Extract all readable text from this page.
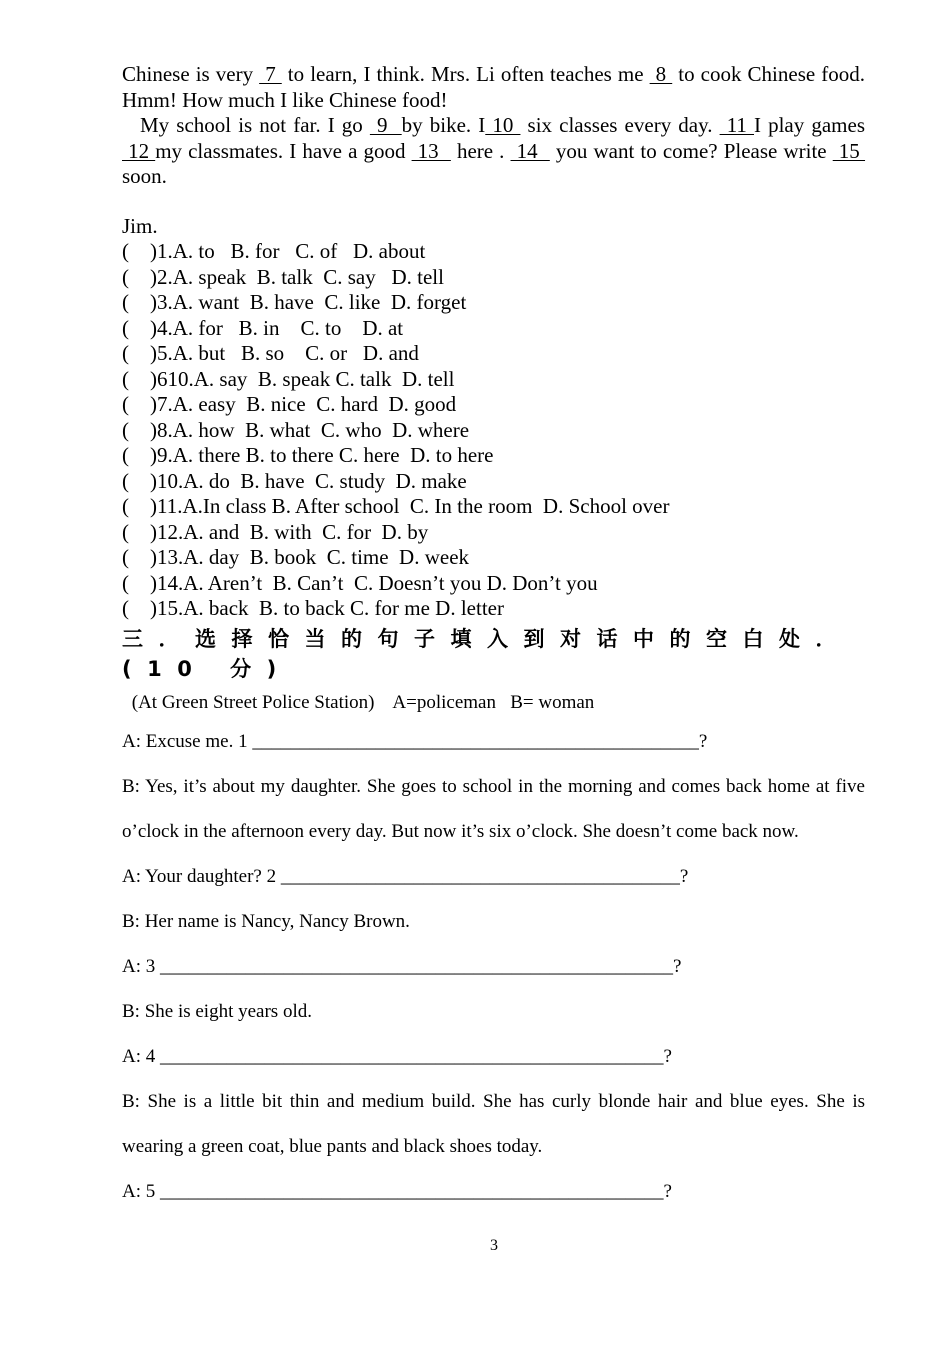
Chinese is very  7  to learn, I think. Mrs. Li often teaches me  8  to cook Chinese food. Hmm! How much I like Chinese food!

My school is not far. I go  9  by bike. I 10  six classes every day.  11 I play games  12 my classmates. I have a good  13   here .  14   you want to come? Please write  15  soon.

Jim.
(    )1.A. to   B. for   C. of   D. about
(    )2.A. speak  B. talk  C. say   D. tell
(    )3.A. want  B. have  C. like  D. forget
(    )4.A. for   B. in    C. to    D. at
(    )5.A. but   B. so    C. or   D. and
(    )610.A. say  B. speak C. talk  D. tell
(    )7.A. easy  B. nice  C. hard  D. good
(    )8.A. how  B. what  C. who  D. where
(    )9.A. there B. to there C. here  D. to here
(    )10.A. do  B. have  C. study  D. make
(    )11.A.In class B. After school  C. In the room  D. School over
(    )12.A. and  B. with  C. for  D. by
(    )13.A. day  B. book  C. time  D. week
(    )14.A. Aren’t  B. Can’t  C. Doesn’t you D. Don’t you
(    )15.A. back  B. to back C. for me D. letter
三．选择恰当的句子填入到对话中的空白处．(10 分)
(At Green Street Police Station)    A=policeman   B= woman

A: Excuse me. 1 _______________________________________________?

B: Yes, it’s about my daughter. She goes to school in the morning and comes back home at five o’clock in the afternoon every day. But now it’s six o’clock. She doesn’t come back now.

A: Your daughter? 2 __________________________________________?

B: Her name is Nancy, Nancy Brown.

A: 3 ______________________________________________________?

B: She is eight years old.

A: 4 _____________________________________________________?

B: She is a little bit thin and medium build. She has curly blonde hair and blue eyes. She is wearing a green coat, blue pants and black shoes today.

A: 5 _____________________________________________________?

3
